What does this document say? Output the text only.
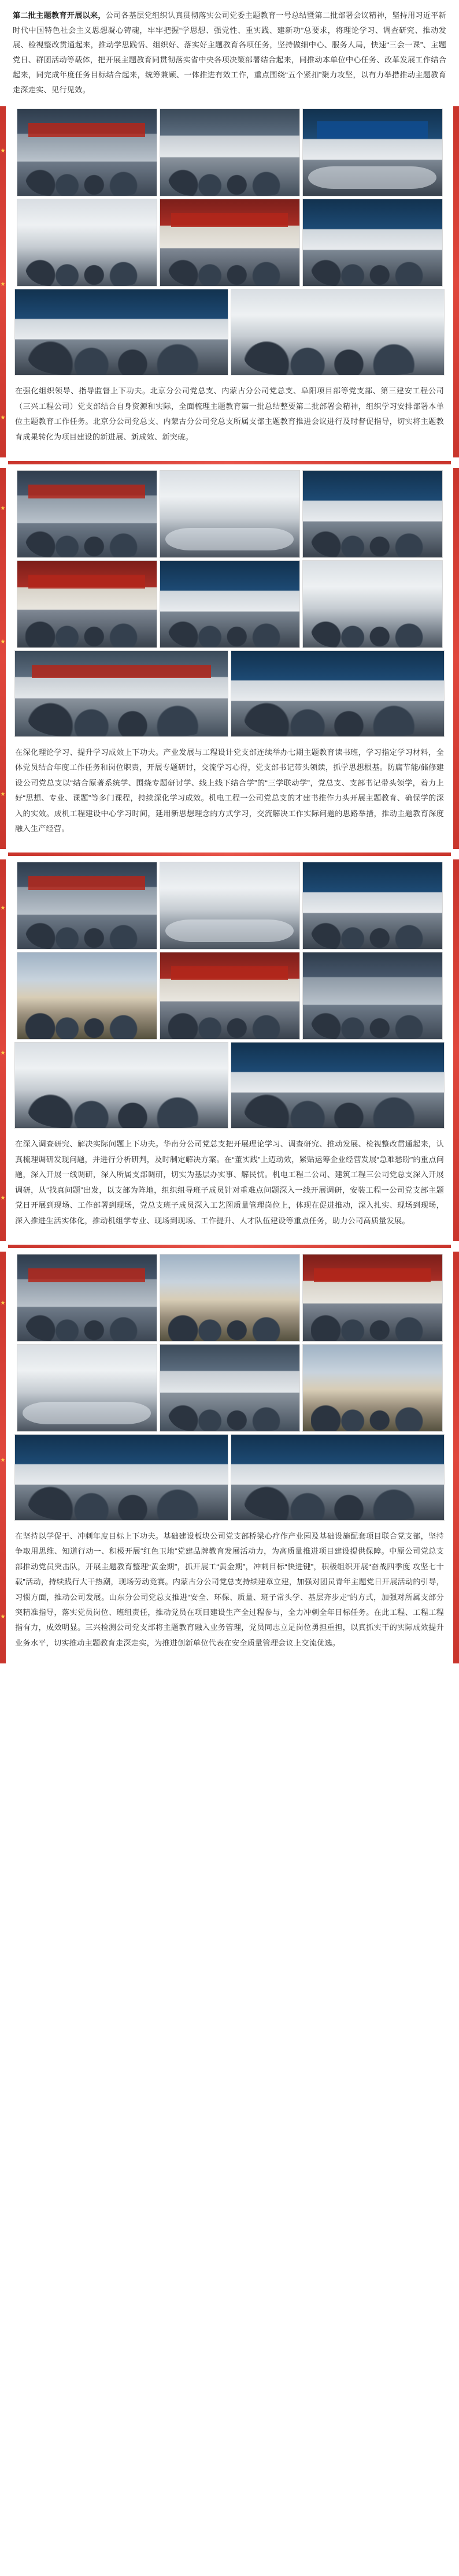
第二批主题教育开展以来，公司各基层党组织认真贯彻落实公司党委主题教育一号总结暨第二批部署会议精神，坚持用习近平新时代中国特色社会主义思想凝心铸魂，牢牢把握“学思想、强党性、重实践、建新功”总要求，将理论学习、调查研究、推动发展、检视整改贯通起来，推动学思践悟、组织好、落实好主题教育各项任务，坚持做细中心、服务人局，快速“三会一课”、主题党日、群团活动等载体，把开展主题教育同贯彻落实省中央各项决策部署结合起来，同推动本单位中心任务、改革发展工作结合起来，同完成年度任务目标结合起来，统筹兼顾、一体推进有效工作，重点围绕“五个紧扣”聚力攻坚，以有力举措推动主题教育走深走实、见行见效。
★
★
★
在强化组织领导、指导监督上下功夫。北京分公司党总支、内蒙古分公司党总支、阜阳项目部等党支部、第三建安工程公司（三兴工程公司）党支部结合自身资源和实际，全面梳理主题教育第一批总结整要第二批部署会精神，组织学习安排部署本单位主题教育工作任务。北京分公司党总支、内蒙古分公司党总支所属支部主题教育推进会议进行及时督促指导，切实将主题教育成果转化为项目建设的新进展、新成效、新突破。
★
★
★
在深化理论学习、提升学习成效上下功夫。产业发展与工程设计党支部连续举办七期主题教育读书班，学习指定学习材料，全体党员结合年度工作任务和岗位职责，开展专题研讨，交流学习心得，党支部书记带头领读，抓学思想根基。防腐节能/储修建设公司党总支以“结合原著系统学、围绕专题研讨学、线上线下结合学”的“三学联动学”，党总支、支部书记带头领学，着力上好“思想、专业、课题”等多门课程，持续深化学习成效。机电工程一公司党总支的才建书推作力头开展主题教育、确保学的深入的实效。成机工程建设中心学习时间，延用新思想理念的方式学习，交流解决工作实际问题的思路举措，推动主题教育深度融入生产经营。
★
★
★
在深入调查研究、解决实际问题上下功夫。华南分公司党总支把开展理论学习、调查研究、推动发展、检视整改贯通起来，认真梳理调研发现问题，并进行分析研判，及时制定解决方案。在“董实践”上迈动效，紧贴运筹企业经营发展“急难愁盼”的重点问题，深入开展一线调研，深入所属支部调研，切实为基层办实事、解民忧。机电工程二公司、建筑工程三公司党总支深入开展调研，从“找真问题”出发，以支部为阵地，组织组导班子成员针对重难点问题深入一线开展调研，安装工程一公司党支部主题党日开展到现场、工作部署到现场，党总支班子成员深入工艺图质量管理岗位上，体现在促进推动，深入扎实、现场到现场，深入推进生活实体化，推动机组学专业、现场到现场、工作提升、人才队伍建设等重点任务，助力公司高质量发展。
★
★
★
在坚持以学促干、冲刺年度目标上下功夫。基础建设板块公司党支部桥梁心疗作产业园及基础设施配套项目联合党支部，坚持争取用思维、知道行动一、积极开展“红色卫地”党建品牌教育发展活动力，为高质量推进项目建设提供保障。中原公司党总支部推动党员突击队，开展主题教育整理“黄金期”，抓开展工“黄金期”，冲刺目标“快进键”，积极组织开展“奋战四季度 攻坚七十载”活动，持续践行大干热潮，现场劳动竞赛。内蒙古分公司党总支持续建章立建，加强对团员青年主题党日开展活动的引导，习惯方面，推动公司发展。山东分公司党总支推进“安全、环保、质量、班子常头学、基层齐步走”的方式，加强对所属支部分突精准指导，落实党员岗位、班组责任，推动党员在项目建设生产全过程参与，全力冲刺全年目标任务。在此工程、工程工程指有力，成效明显。三兴检测公司党支部将主题教育融入业务管理，党员同志立足岗位勇担重担，以真抓实干的实际成效提升业务水平，切实推动主题教育走深走实，为推进创新单位代表在安全质量管理会议上交流优选。
